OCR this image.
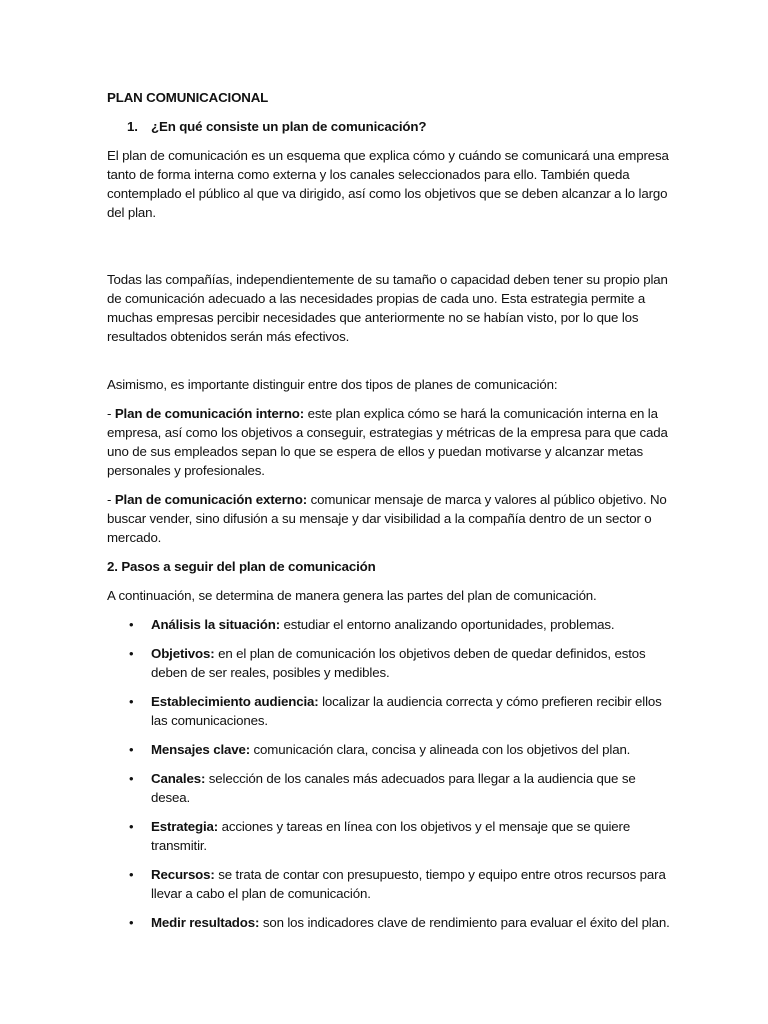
PLAN COMUNICACIONAL
1. ¿En qué consiste un plan de comunicación?

El plan de comunicación es un esquema que explica cómo y cuándo se comunicará una empresa tanto de forma interna como externa y los canales seleccionados para ello. También queda contemplado el público al que va dirigido, así como los objetivos que se deben alcanzar a lo largo del plan.

Todas las compañías, independientemente de su tamaño o capacidad deben tener su propio plan de comunicación adecuado a las necesidades propias de cada uno. Esta estrategia permite a muchas empresas percibir necesidades que anteriormente no se habían visto, por lo que los resultados obtenidos serán más efectivos.

Asimismo, es importante distinguir entre dos tipos de planes de comunicación:

- Plan de comunicación interno: este plan explica cómo se hará la comunicación interna en la empresa, así como los objetivos a conseguir, estrategias y métricas de la empresa para que cada uno de sus empleados sepan lo que se espera de ellos y puedan motivarse y alcanzar metas personales y profesionales.

- Plan de comunicación externo: comunicar mensaje de marca y valores al público objetivo. No buscar vender, sino difusión a su mensaje y dar visibilidad a la compañía dentro de un sector o mercado.

2. Pasos a seguir del plan de comunicación

A continuación, se determina de manera genera las partes del plan de comunicación.

•	Análisis la situación: estudiar el entorno analizando oportunidades, problemas.
•	Objetivos: en el plan de comunicación los objetivos deben de quedar definidos, estos deben de ser reales, posibles y medibles.
•	Establecimiento audiencia: localizar la audiencia correcta y cómo prefieren recibir ellos las comunicaciones.
•	Mensajes clave: comunicación clara, concisa y alineada con los objetivos del plan.
•	Canales: selección de los canales más adecuados para llegar a la audiencia que se desea.
•	Estrategia: acciones y tareas en línea con los objetivos y el mensaje que se quiere transmitir.
•	Recursos: se trata de contar con presupuesto, tiempo y equipo entre otros recursos para llevar a cabo el plan de comunicación.
•	Medir resultados: son los indicadores clave de rendimiento para evaluar el éxito del plan.
